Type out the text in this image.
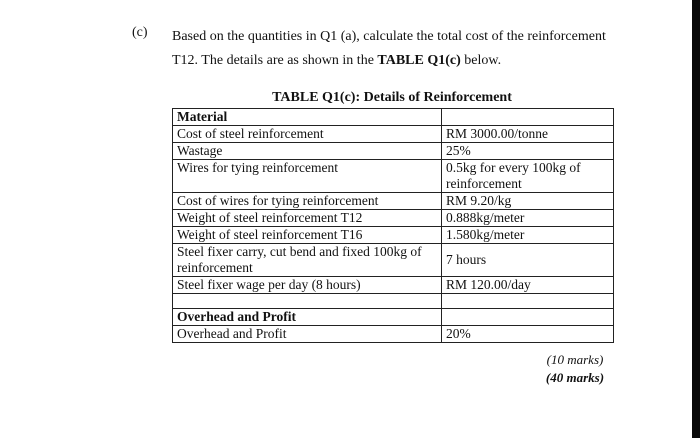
(c) Based on the quantities in Q1 (a), calculate the total cost of the reinforcement
T12. The details are as shown in the TABLE Q1(c) below.
TABLE Q1(c): Details of Reinforcement
Material	
Cost of steel reinforcement	RM 3000.00/tonne
Wastage	25%
Wires for tying reinforcement	0.5kg for every 100kg of reinforcement
Cost of wires for tying reinforcement	RM 9.20/kg
Weight of steel reinforcement T12	0.888kg/meter
Weight of steel reinforcement T16	1.580kg/meter
Steel fixer carry, cut bend and fixed 100kg of reinforcement	7 hours
Steel fixer wage per day (8 hours)	RM 120.00/day

Overhead and Profit	
Overhead and Profit	20%
(10 marks)
(40 marks)
